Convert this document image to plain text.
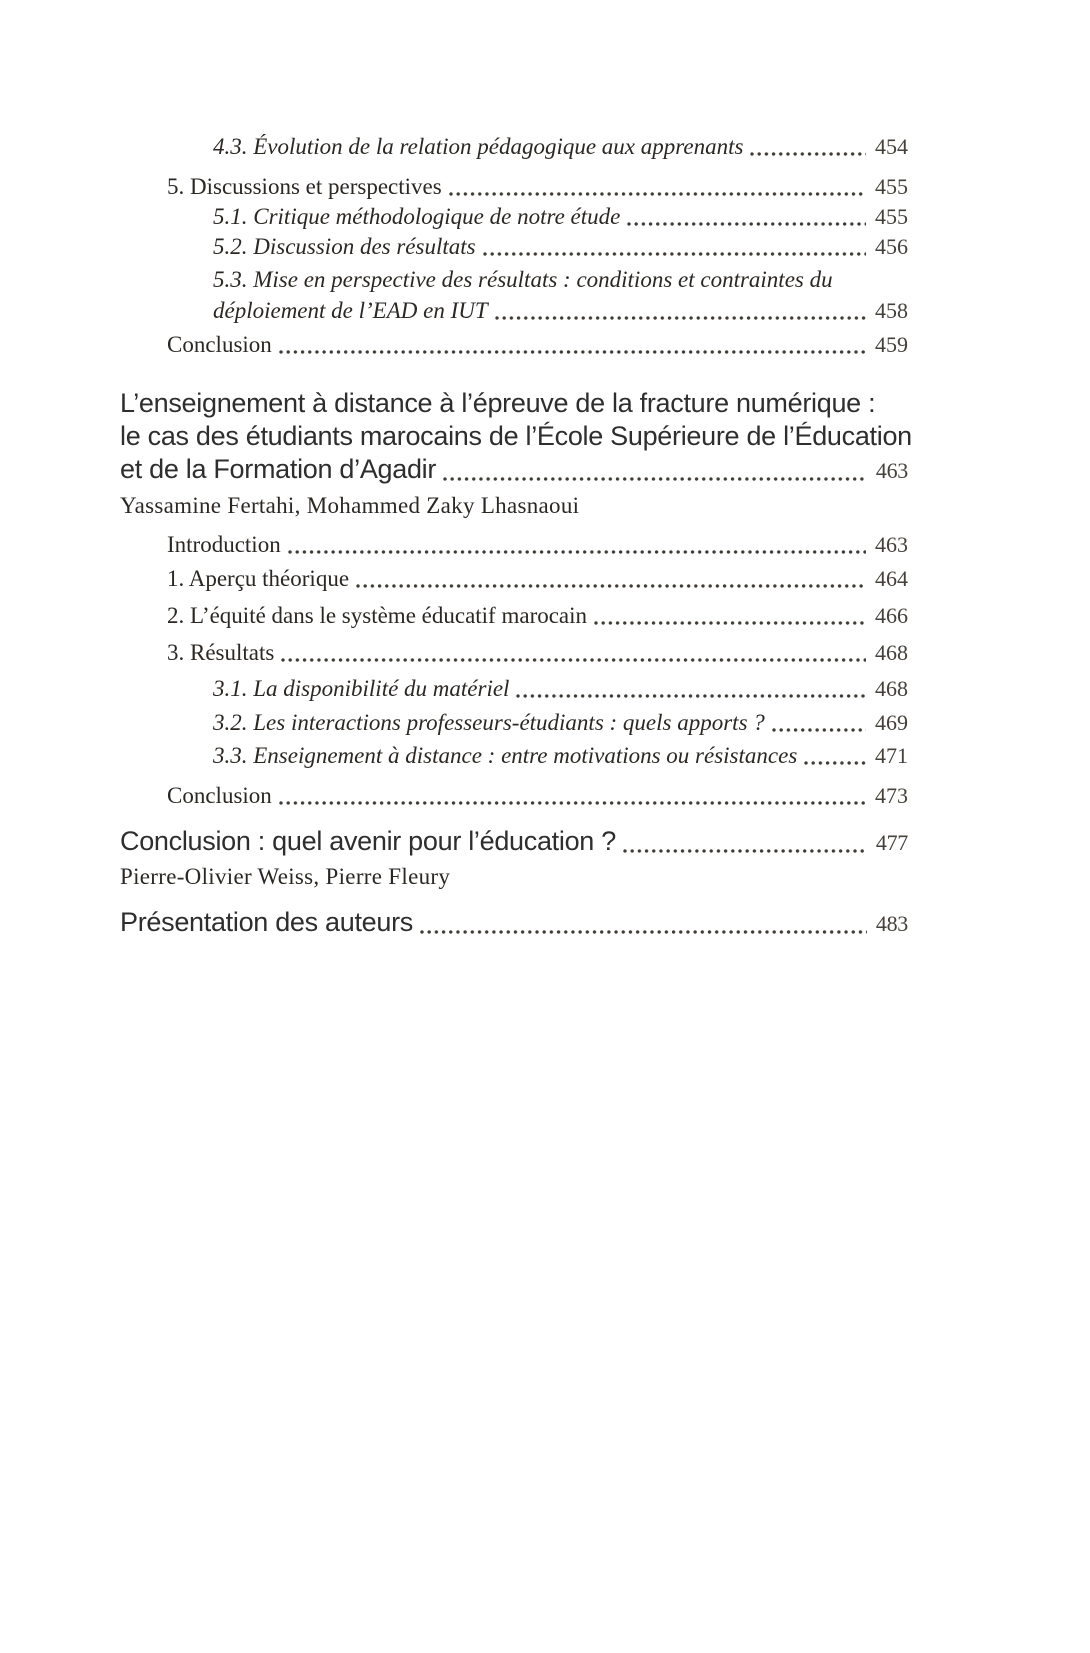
4.3. Évolution de la relation pédagogique aux apprenants	454
5. Discussions et perspectives	455
5.1. Critique méthodologique de notre étude	455
5.2. Discussion des résultats	456
5.3. Mise en perspective des résultats : conditions et contraintes du
déploiement de l’EAD en IUT	458
Conclusion	459
L’enseignement à distance à l’épreuve de la fracture numérique :
le cas des étudiants marocains de l’École Supérieure de l’Éducation
et de la Formation d’Agadir	463
Yassamine Fertahi, Mohammed Zaky Lhasnaoui
Introduction	463
1. Aperçu théorique	464
2. L’équité dans le système éducatif marocain	466
3. Résultats	468
3.1. La disponibilité du matériel	468
3.2. Les interactions professeurs-étudiants : quels apports ?	469
3.3. Enseignement à distance : entre motivations ou résistances	471
Conclusion	473
Conclusion : quel avenir pour l’éducation ?	477
Pierre-Olivier Weiss, Pierre Fleury
Présentation des auteurs	483
